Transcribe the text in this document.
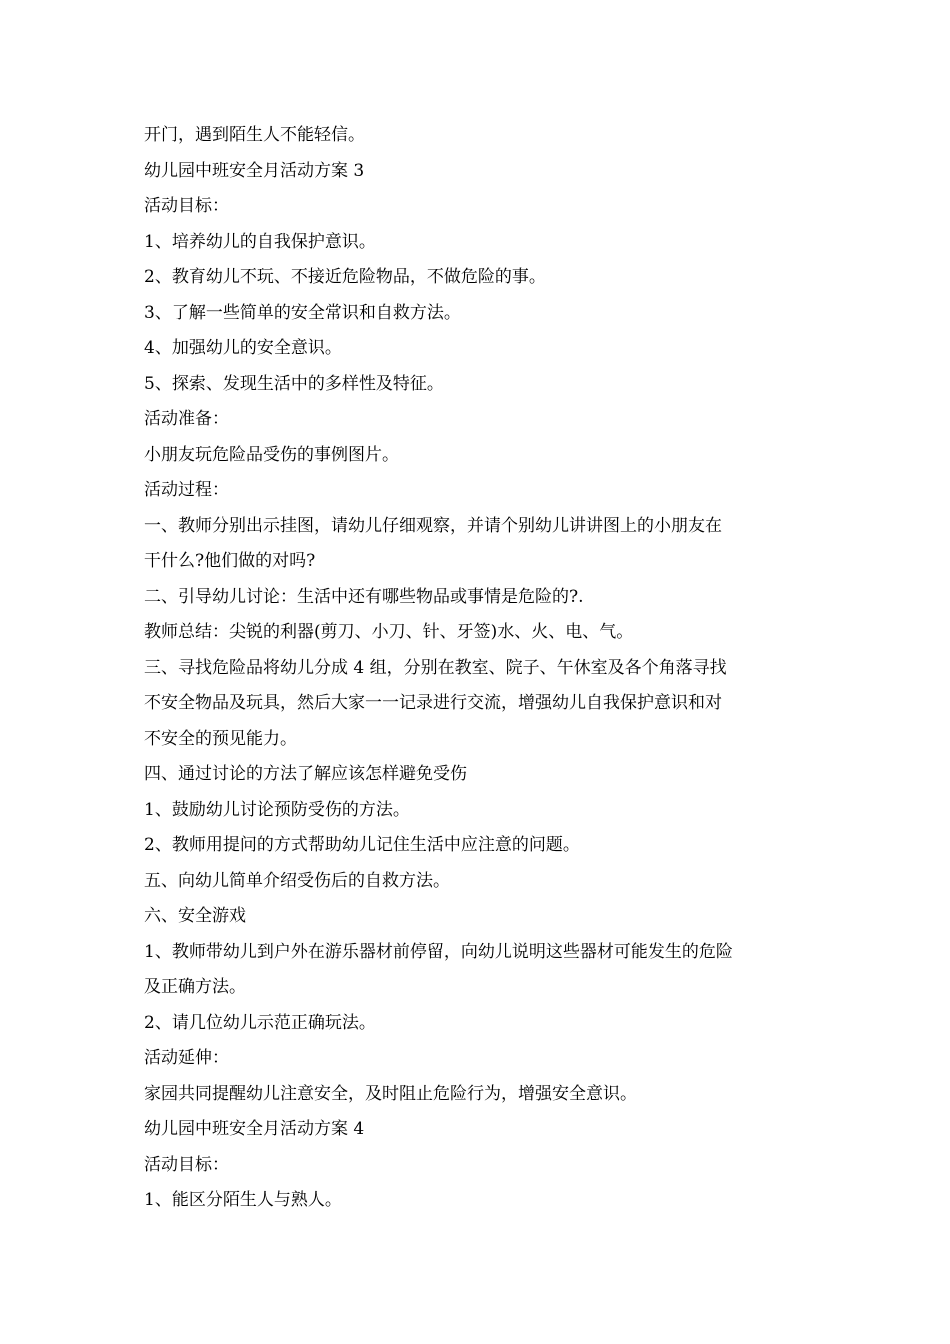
开门，遇到陌生人不能轻信。
幼儿园中班安全月活动方案 3
活动目标：
1、培养幼儿的自我保护意识。
2、教育幼儿不玩、不接近危险物品，不做危险的事。
3、了解一些简单的安全常识和自救方法。
4、加强幼儿的安全意识。
5、探索、发现生活中的多样性及特征。
活动准备：
小朋友玩危险品受伤的事例图片。
活动过程：
一、教师分别出示挂图，请幼儿仔细观察，并请个别幼儿讲讲图上的小朋友在
干什么?他们做的对吗?
二、引导幼儿讨论：生活中还有哪些物品或事情是危险的?.
教师总结：尖锐的利器(剪刀、小刀、针、牙签)水、火、电、气。
三、寻找危险品将幼儿分成 4 组，分别在教室、院子、午休室及各个角落寻找
不安全物品及玩具，然后大家一一记录进行交流，增强幼儿自我保护意识和对
不安全的预见能力。
四、通过讨论的方法了解应该怎样避免受伤
1、鼓励幼儿讨论预防受伤的方法。
2、教师用提问的方式帮助幼儿记住生活中应注意的问题。
五、向幼儿简单介绍受伤后的自救方法。
六、安全游戏
1、教师带幼儿到户外在游乐器材前停留，向幼儿说明这些器材可能发生的危险
及正确方法。
2、请几位幼儿示范正确玩法。
活动延伸：
家园共同提醒幼儿注意安全，及时阻止危险行为，增强安全意识。
幼儿园中班安全月活动方案 4
活动目标：
1、能区分陌生人与熟人。
